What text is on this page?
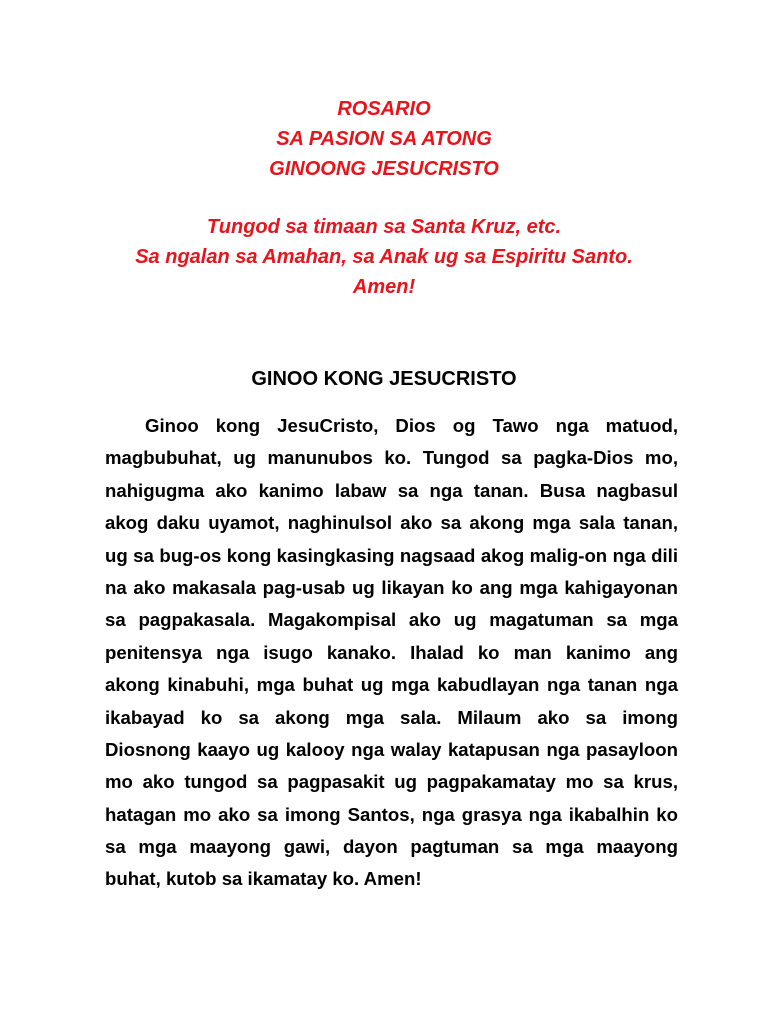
ROSARIO
SA PASION SA ATONG
GINOONG JESUCRISTO
Tungod sa timaan sa Santa Kruz, etc.
Sa ngalan sa Amahan, sa Anak ug sa Espiritu Santo.
Amen!
GINOO KONG JESUCRISTO
Ginoo kong JesuCristo, Dios og Tawo nga matuod,
magbubuhat, ug manunubos ko. Tungod sa pagka-Dios mo,
nahigugma ako kanimo labaw sa nga tanan. Busa nagbasul
akog daku uyamot, naghinulsol ako sa akong mga sala tanan,
ug sa bug-os kong kasingkasing nagsaad akog malig-on nga dili
na ako makasala pag-usab ug likayan ko ang mga kahigayonan
sa pagpakasala. Magakompisal ako ug magatuman sa mga
penitensya nga isugo kanako. Ihalad ko man kanimo ang
akong kinabuhi, mga buhat ug mga kabudlayan nga tanan nga
ikabayad ko sa akong mga sala. Milaum ako sa imong
Diosnong kaayo ug kalooy nga walay katapusan nga pasayloon
mo ako tungod sa pagpasakit ug pagpakamatay mo sa krus,
hatagan mo ako sa imong Santos, nga grasya nga ikabalhin ko
sa mga maayong gawi, dayon pagtuman sa mga maayong
buhat, kutob sa ikamatay ko. Amen!
